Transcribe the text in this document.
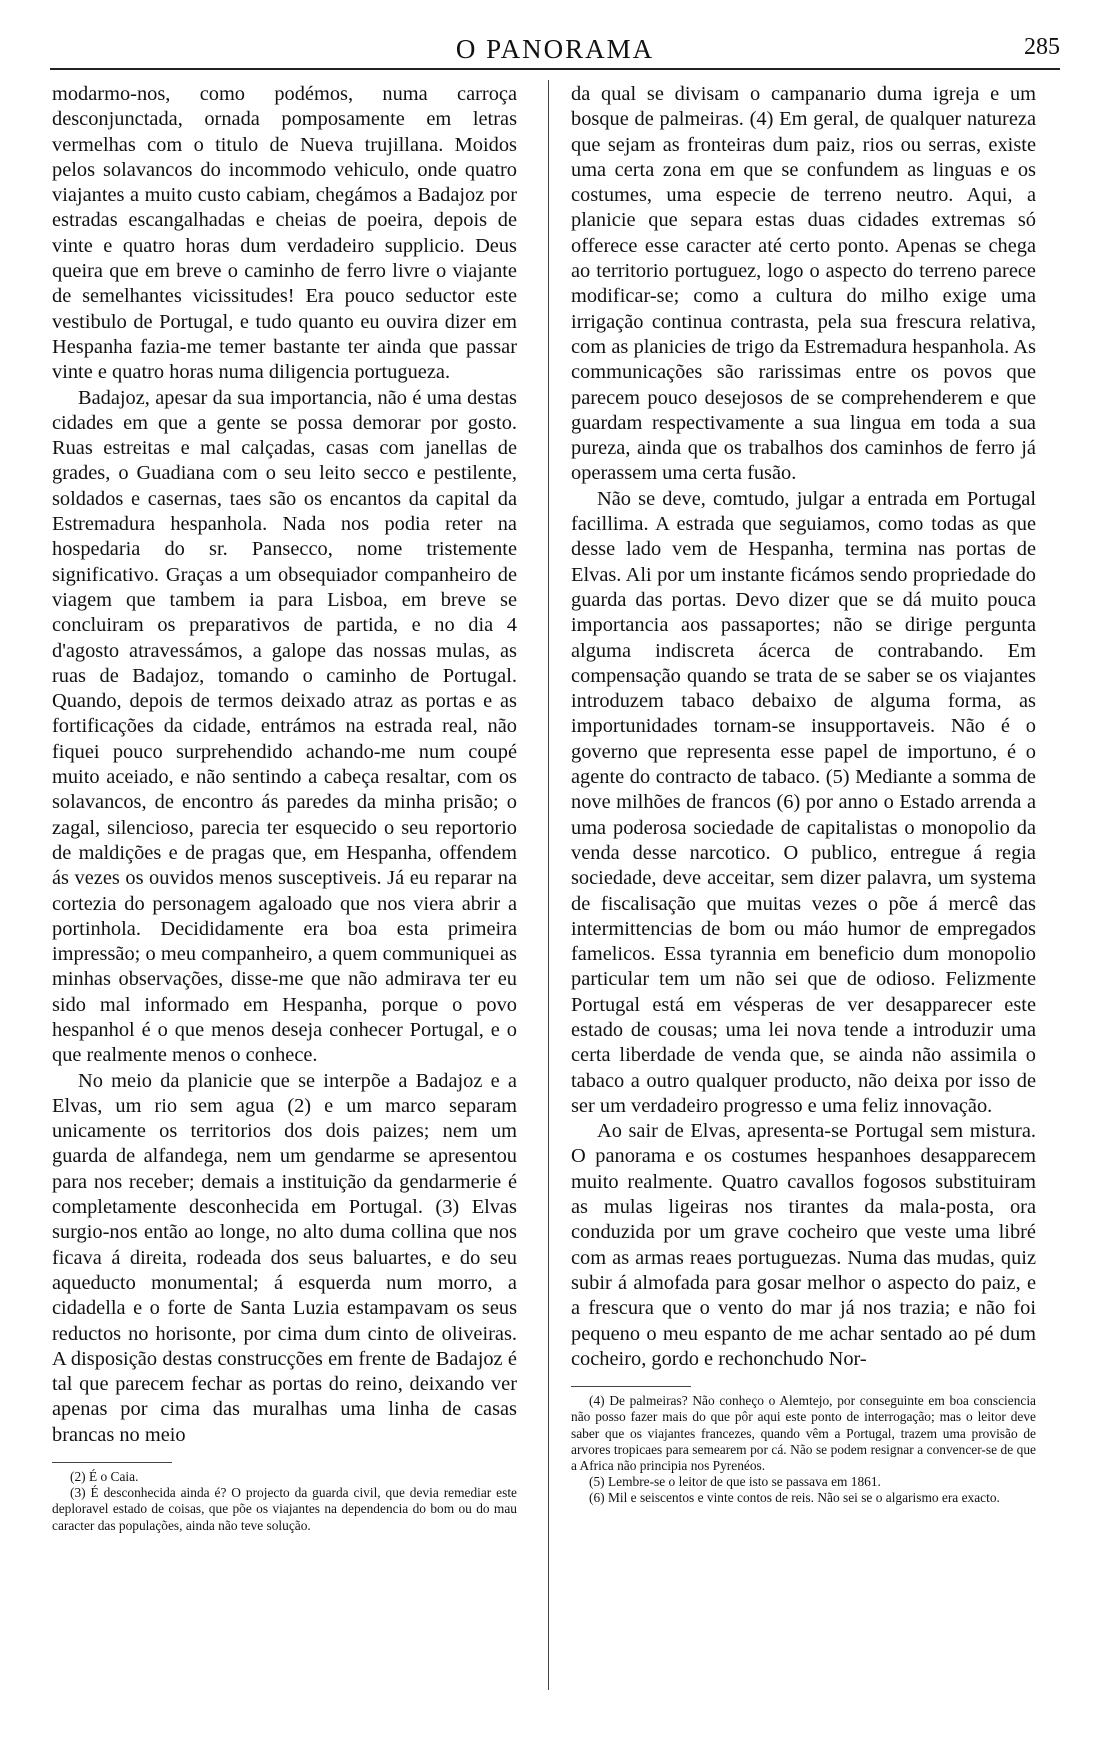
O PANORAMA	285

modarmo-nos, como podémos, numa carroça desconjunctada, ornada pomposamente em letras vermelhas com o titulo de Nueva trujillana. Moidos pelos solavancos do incommodo vehiculo, onde quatro viajantes a muito custo cabiam, chegámos a Badajoz por estradas escangalhadas e cheias de poeira, depois de vinte e quatro horas dum verdadeiro supplicio. Deus queira que em breve o caminho de ferro livre o viajante de semelhantes vicissitudes! Era pouco seductor este vestibulo de Portugal, e tudo quanto eu ouvira dizer em Hespanha fazia-me temer bastante ter ainda que passar vinte e quatro horas numa diligencia portugueza.

Badajoz, apesar da sua importancia, não é uma destas cidades em que a gente se possa demorar por gosto. Ruas estreitas e mal calçadas, casas com janellas de grades, o Guadiana com o seu leito secco e pestilente, soldados e casernas, taes são os encantos da capital da Estremadura hespanhola. Nada nos podia reter na hospedaria do sr. Pansecco, nome tristemente significativo. Graças a um obsequiador companheiro de viagem que tambem ia para Lisboa, em breve se concluiram os preparativos de partida, e no dia 4 d'agosto atravessámos, a galope das nossas mulas, as ruas de Badajoz, tomando o caminho de Portugal. Quando, depois de termos deixado atraz as portas e as fortificações da cidade, entrámos na estrada real, não fiquei pouco surprehendido achando-me num coupé muito aceiado, e não sentindo a cabeça resaltar, com os solavancos, de encontro ás paredes da minha prisão; o zagal, silencioso, parecia ter esquecido o seu reportorio de maldições e de pragas que, em Hespanha, offendem ás vezes os ouvidos menos susceptiveis. Já eu reparar na cortezia do personagem agaloado que nos viera abrir a portinhola. Decididamente era boa esta primeira impressão; o meu companheiro, a quem communiquei as minhas observações, disse-me que não admirava ter eu sido mal informado em Hespanha, porque o povo hespanhol é o que menos deseja conhecer Portugal, e o que realmente menos o conhece.

No meio da planicie que se interpõe a Badajoz e a Elvas, um rio sem agua (2) e um marco separam unicamente os territorios dos dois paizes; nem um guarda de alfandega, nem um gendarme se apresentou para nos receber; demais a instituição da gendarmerie é completamente desconhecida em Portugal. (3) Elvas surgio-nos então ao longe, no alto duma collina que nos ficava á direita, rodeada dos seus baluartes, e do seu aqueducto monumental; á esquerda num morro, a cidadella e o forte de Santa Luzia estampavam os seus reductos no horisonte, por cima dum cinto de oliveiras. A disposição destas construcções em frente de Badajoz é tal que parecem fechar as portas do reino, deixando ver apenas por cima das muralhas uma linha de casas brancas no meio

(2) É o Caia.

(3) É desconhecida ainda é? O projecto da guarda civil, que devia remediar este deploravel estado de coisas, que põe os viajantes na dependencia do bom ou do mau caracter das populações, ainda não teve solução.

da qual se divisam o campanario duma igreja e um bosque de palmeiras. (4) Em geral, de qualquer natureza que sejam as fronteiras dum paiz, rios ou serras, existe uma certa zona em que se confundem as linguas e os costumes, uma especie de terreno neutro. Aqui, a planicie que separa estas duas cidades extremas só offerece esse caracter até certo ponto. Apenas se chega ao territorio portuguez, logo o aspecto do terreno parece modificar-se; como a cultura do milho exige uma irrigação continua contrasta, pela sua frescura relativa, com as planicies de trigo da Estremadura hespanhola. As communicações são rarissimas entre os povos que parecem pouco desejosos de se comprehenderem e que guardam respectivamente a sua lingua em toda a sua pureza, ainda que os trabalhos dos caminhos de ferro já operassem uma certa fusão.

Não se deve, comtudo, julgar a entrada em Portugal facillima. A estrada que seguiamos, como todas as que desse lado vem de Hespanha, termina nas portas de Elvas. Ali por um instante ficámos sendo propriedade do guarda das portas. Devo dizer que se dá muito pouca importancia aos passaportes; não se dirige pergunta alguma indiscreta ácerca de contrabando. Em compensação quando se trata de se saber se os viajantes introduzem tabaco debaixo de alguma forma, as importunidades tornam-se insupportaveis. Não é o governo que representa esse papel de importuno, é o agente do contracto de tabaco. (5) Mediante a somma de nove milhões de francos (6) por anno o Estado arrenda a uma poderosa sociedade de capitalistas o monopolio da venda desse narcotico. O publico, entregue á regia sociedade, deve acceitar, sem dizer palavra, um systema de fiscalisação que muitas vezes o põe á mercê das intermittencias de bom ou máo humor de empregados famelicos. Essa tyrannia em beneficio dum monopolio particular tem um não sei que de odioso. Felizmente Portugal está em vésperas de ver desapparecer este estado de cousas; uma lei nova tende a introduzir uma certa liberdade de venda que, se ainda não assimila o tabaco a outro qualquer producto, não deixa por isso de ser um verdadeiro progresso e uma feliz innovação.

Ao sair de Elvas, apresenta-se Portugal sem mistura. O panorama e os costumes hespanhoes desapparecem muito realmente. Quatro cavallos fogosos substituiram as mulas ligeiras nos tirantes da mala-posta, ora conduzida por um grave cocheiro que veste uma libré com as armas reaes portuguezas. Numa das mudas, quiz subir á almofada para gosar melhor o aspecto do paiz, e a frescura que o vento do mar já nos trazia; e não foi pequeno o meu espanto de me achar sentado ao pé dum cocheiro, gordo e rechonchudo Nor-

(4) De palmeiras? Não conheço o Alemtejo, por conseguinte em boa consciencia não posso fazer mais do que pôr aqui este ponto de interrogação; mas o leitor deve saber que os viajantes francezes, quando vêm a Portugal, trazem uma provisão de arvores tropicaes para semearem por cá. Não se podem resignar a convencer-se de que a Africa não principia nos Pyrenéos.

(5) Lembre-se o leitor de que isto se passava em 1861.

(6) Mil e seiscentos e vinte contos de reis. Não sei se o algarismo era exacto.
